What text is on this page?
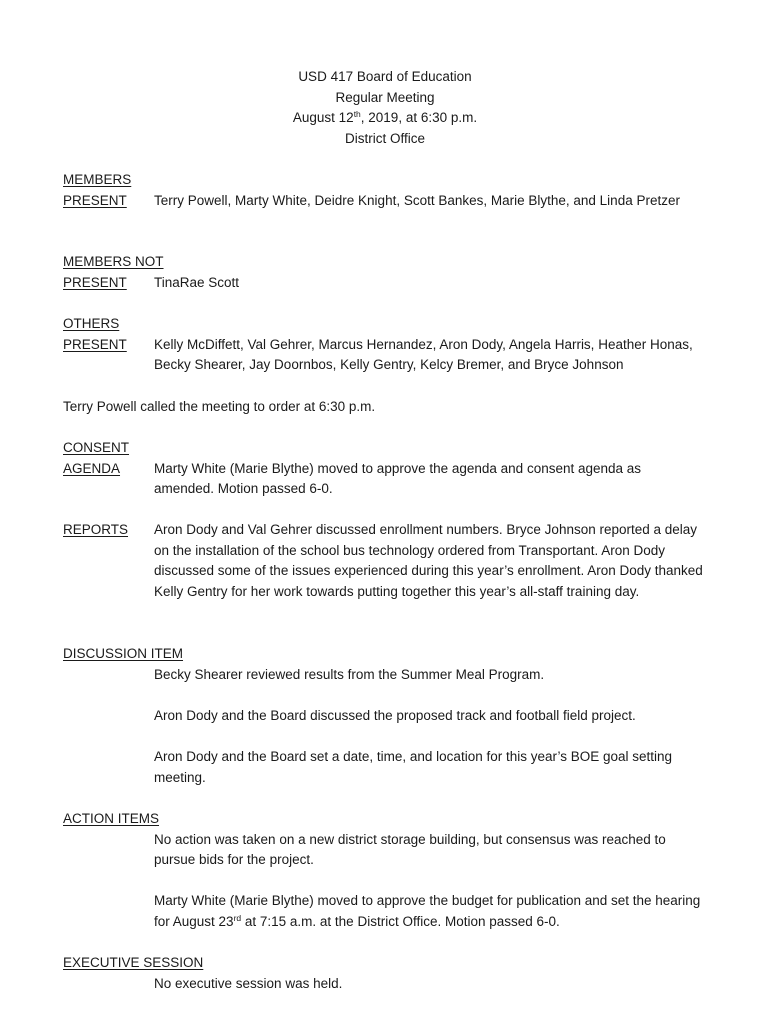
USD 417 Board of Education
Regular Meeting
August 12th, 2019, at 6:30 p.m.
District Office
MEMBERS
PRESENT	Terry Powell, Marty White, Deidre Knight, Scott Bankes, Marie Blythe, and Linda Pretzer

MEMBERS NOT
PRESENT	TinaRae Scott

OTHERS
PRESENT	Kelly McDiffett, Val Gehrer, Marcus Hernandez, Aron Dody, Angela Harris, Heather Honas, Becky Shearer, Jay Doornbos, Kelly Gentry, Kelcy Bremer, and Bryce Johnson

Terry Powell called the meeting to order at 6:30 p.m.

CONSENT
AGENDA	Marty White (Marie Blythe) moved to approve the agenda and consent agenda as amended. Motion passed 6-0.

REPORTS	Aron Dody and Val Gehrer discussed enrollment numbers. Bryce Johnson reported a delay on the installation of the school bus technology ordered from Transportant. Aron Dody discussed some of the issues experienced during this year’s enrollment. Aron Dody thanked Kelly Gentry for her work towards putting together this year’s all-staff training day.

DISCUSSION ITEM

Becky Shearer reviewed results from the Summer Meal Program.

Aron Dody and the Board discussed the proposed track and football field project.

Aron Dody and the Board set a date, time, and location for this year’s BOE goal setting meeting.

ACTION ITEMS

No action was taken on a new district storage building, but consensus was reached to pursue bids for the project.

Marty White (Marie Blythe) moved to approve the budget for publication and set the hearing for August 23rd at 7:15 a.m. at the District Office. Motion passed 6-0.

EXECUTIVE SESSION

No executive session was held.
